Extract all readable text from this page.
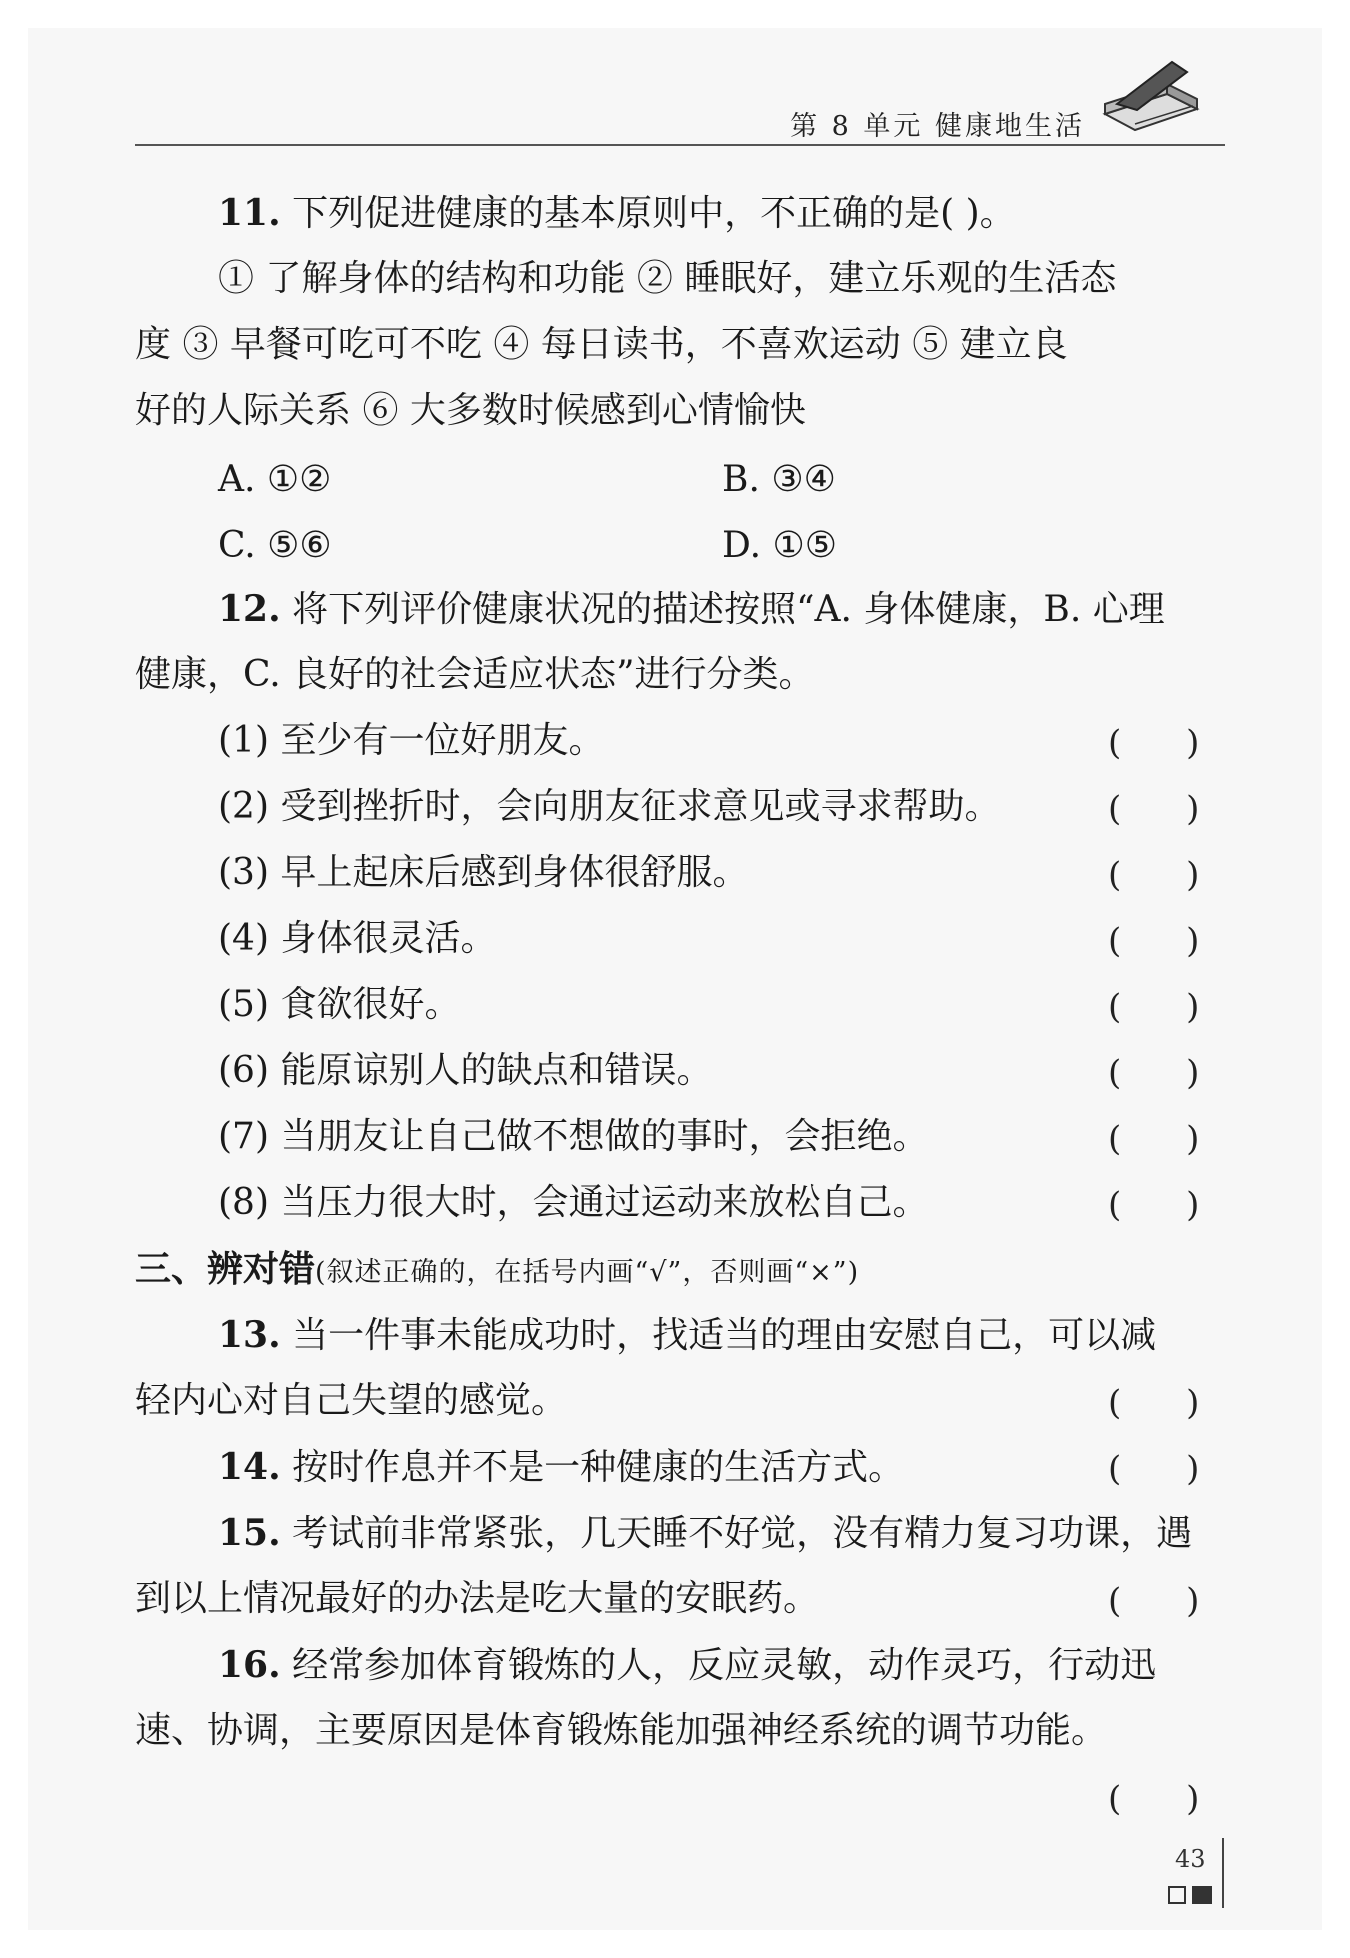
第 8 单元 健康地生活
11. 下列促进健康的基本原则中，不正确的是( )。
① 了解身体的结构和功能 ② 睡眠好，建立乐观的生活态
度 ③ 早餐可吃可不吃 ④ 每日读书，不喜欢运动 ⑤ 建立良
好的人际关系 ⑥ 大多数时候感到心情愉快
A. ①②	B. ③④
C. ⑤⑥	D. ①⑤
12. 将下列评价健康状况的描述按照“A. 身体健康，B. 心理
健康，C. 良好的社会适应状态”进行分类。
(1) 至少有一位好朋友。	(      )
(2) 受到挫折时，会向朋友征求意见或寻求帮助。	(      )
(3) 早上起床后感到身体很舒服。	(      )
(4) 身体很灵活。	(      )
(5) 食欲很好。	(      )
(6) 能原谅别人的缺点和错误。	(      )
(7) 当朋友让自己做不想做的事时，会拒绝。	(      )
(8) 当压力很大时，会通过运动来放松自己。	(      )
三、辨对错(叙述正确的，在括号内画“√”，否则画“×”)
13. 当一件事未能成功时，找适当的理由安慰自己，可以减
轻内心对自己失望的感觉。	(      )
14. 按时作息并不是一种健康的生活方式。	(      )
15. 考试前非常紧张，几天睡不好觉，没有精力复习功课，遇
到以上情况最好的办法是吃大量的安眠药。	(      )
16. 经常参加体育锻炼的人，反应灵敏，动作灵巧，行动迅
速、协调，主要原因是体育锻炼能加强神经系统的调节功能。
(      )
43
